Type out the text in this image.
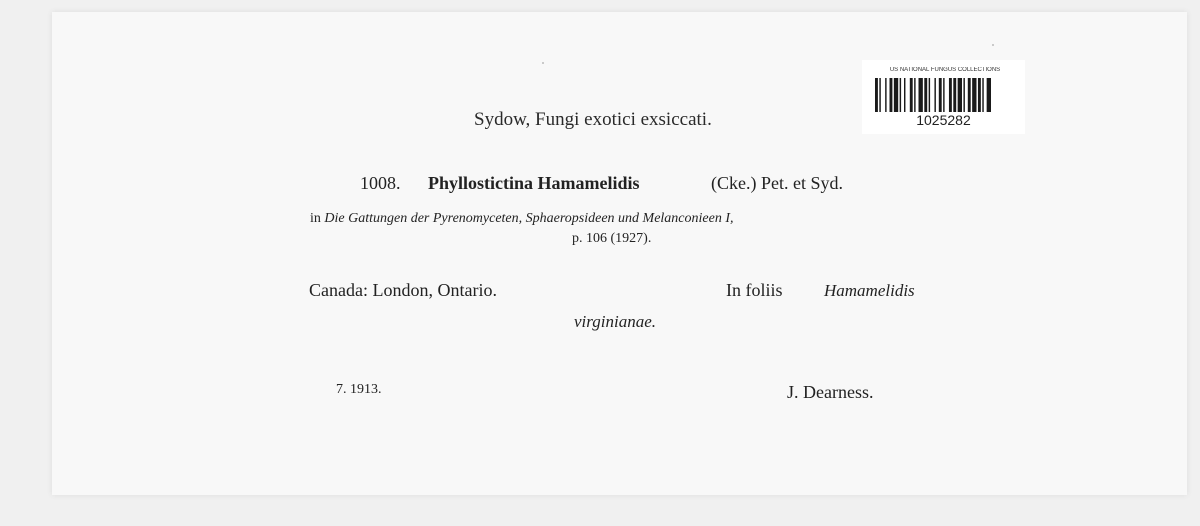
Sydow, Fungi exotici exsiccati.
1008. Phyllostictina Hamamelidis	(Cke.) Pet. et Syd.
in Die Gattungen der Pyrenomyceten, Sphaeropsideen und Melanconieen I,
p. 106 (1927).
Canada: London, Ontario.	In foliis Hamamelidis
virginianae.
7. 1913.	J. Dearness.
US NATIONAL FUNGUS COLLECTIONS
1025282
